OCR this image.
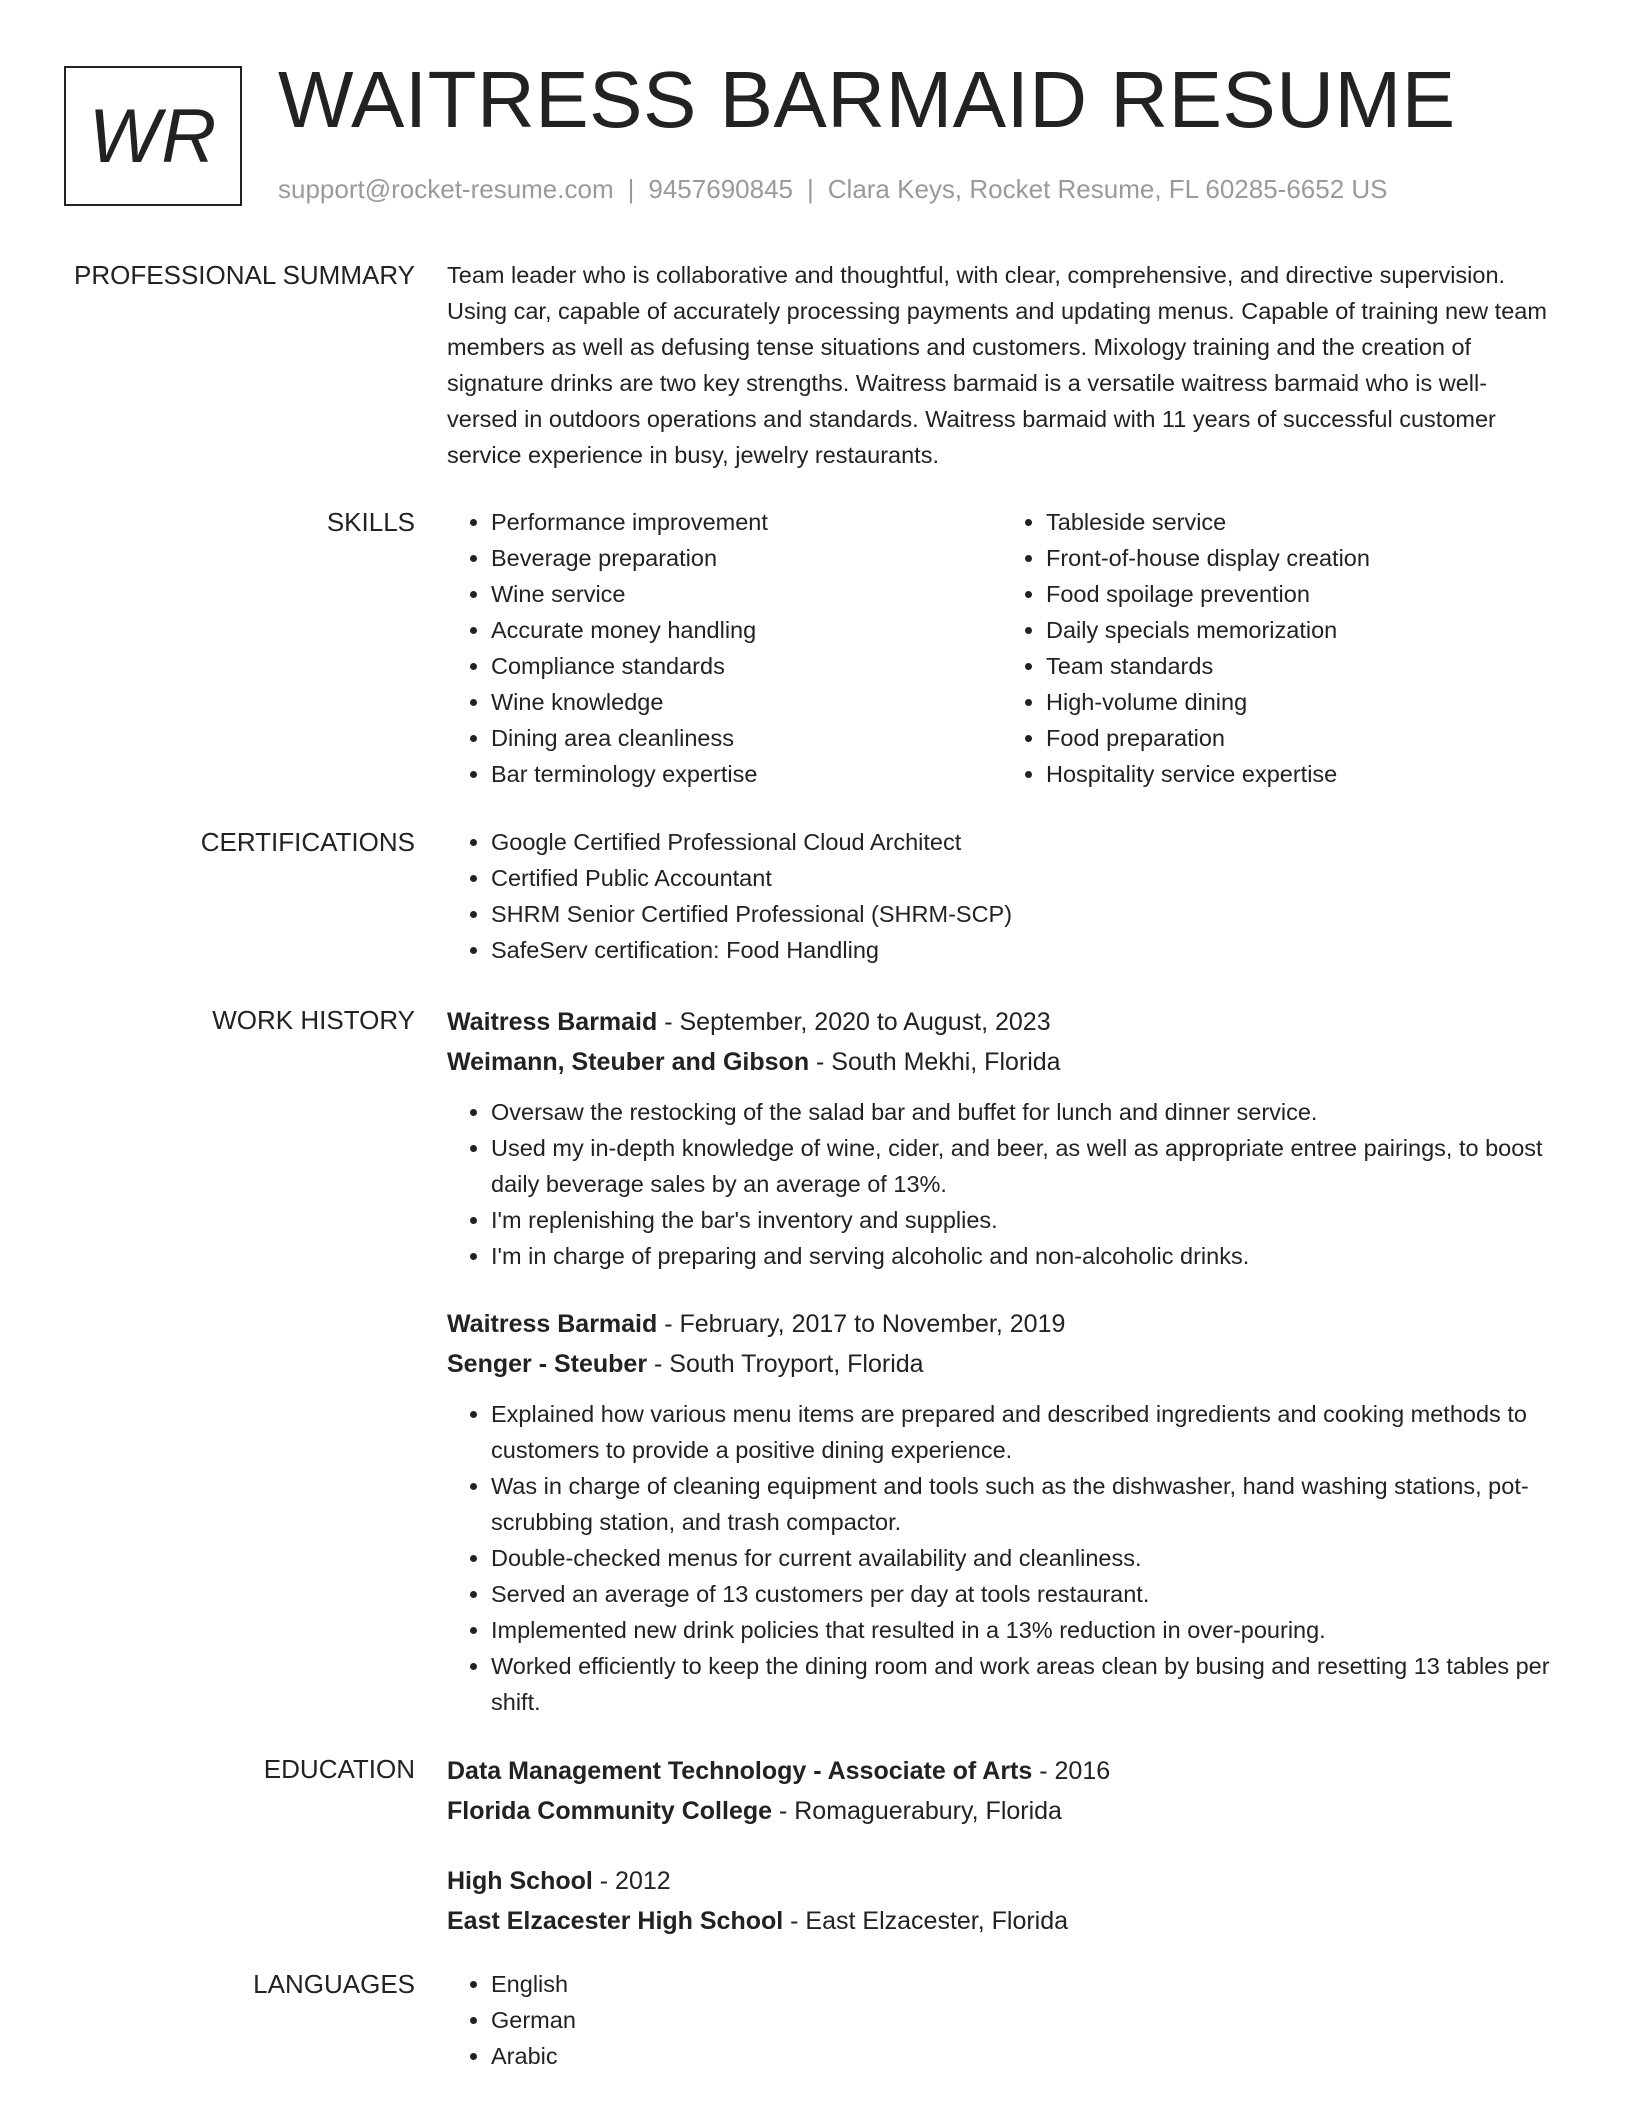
WR WAITRESS BARMAID RESUME
support@rocket-resume.com | 9457690845 | Clara Keys, Rocket Resume, FL 60285-6652 US
PROFESSIONAL SUMMARY Team leader who is collaborative and thoughtful, with clear, comprehensive, and directive supervision. Using car, capable of accurately processing payments and updating menus. Capable of training new team members as well as defusing tense situations and customers. Mixology training and the creation of signature drinks are two key strengths. Waitress barmaid is a versatile waitress barmaid who is well-versed in outdoors operations and standards. Waitress barmaid with 11 years of successful customer service experience in busy, jewelry restaurants.

SKILLS	• Performance improvement
• Beverage preparation
• Wine service
• Accurate money handling
• Compliance standards
• Wine knowledge
• Dining area cleanliness
• Bar terminology expertise
• Tableside service
• Front-of-house display creation
• Food spoilage prevention
• Daily specials memorization
• Team standards
• High-volume dining
• Food preparation
• Hospitality service expertise
CERTIFICATIONS	• Google Certified Professional Cloud Architect
• Certified Public Accountant
• SHRM Senior Certified Professional (SHRM-SCP)
• SafeServ certification: Food Handling
WORK HISTORY Waitress Barmaid - September, 2020 to August, 2023
Weimann, Steuber and Gibson - South Mekhi, Florida
• Oversaw the restocking of the salad bar and buffet for lunch and dinner service.
• Used my in-depth knowledge of wine, cider, and beer, as well as appropriate entree pairings, to boost daily beverage sales by an average of 13%.
• I'm replenishing the bar's inventory and supplies.
• I'm in charge of preparing and serving alcoholic and non-alcoholic drinks.
Waitress Barmaid - February, 2017 to November, 2019
Senger - Steuber - South Troyport, Florida
• Explained how various menu items are prepared and described ingredients and cooking methods to customers to provide a positive dining experience.
• Was in charge of cleaning equipment and tools such as the dishwasher, hand washing stations, pot-scrubbing station, and trash compactor.
• Double-checked menus for current availability and cleanliness.
• Served an average of 13 customers per day at tools restaurant.
• Implemented new drink policies that resulted in a 13% reduction in over-pouring.
• Worked efficiently to keep the dining room and work areas clean by busing and resetting 13 tables per shift.
EDUCATION Data Management Technology - Associate of Arts - 2016
Florida Community College - Romaguerabury, Florida
High School - 2012
East Elzacester High School - East Elzacester, Florida
LANGUAGES	• English
• German
• Arabic
